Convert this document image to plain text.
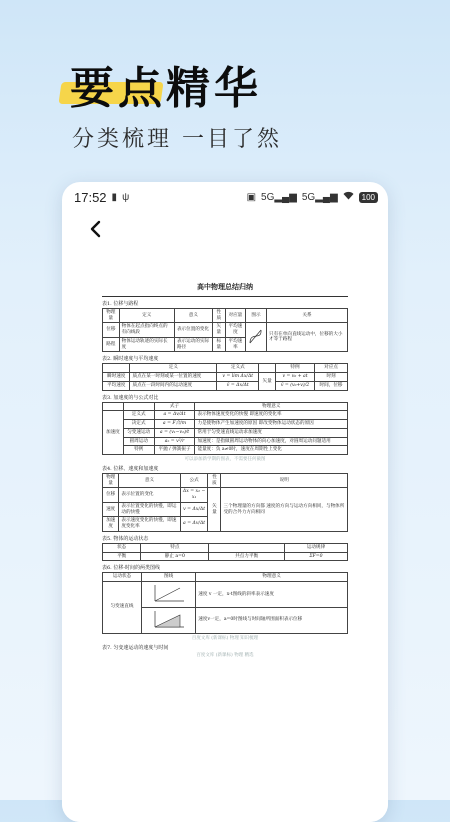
要点精华
分类梳理 一目了然
17:52 ▮ ψ	▣ 5G▂▄▆ 5G▂▄▆	100
高中物理总结归纳
表1. 位移与路程
物理量	定义	意义	性质	对应量	图示	关系
位移	物体在起点指向终点的有向线段	表示位置的变化	矢量	平均速度		只有在单向直线运动中，位移的大小才等于路程
路程	物体运动轨迹的实际长度	表示运动的实际路径	标量	平均速率		
表2. 瞬时速度与平均速度
	定义	定义式		特例	对应点
瞬时速度	质点在某一时刻或某一位置的速度	v = lim Δx/Δt	矢量	v = v₀ + at	时刻
平均速度	质点在一段时间内的运动速度	v̄ = Δx/Δt		v̄ = (v₀+v)/2	时间，位移
表3. 加速度的与公式对比
		式子	物理意义
加速度	定义式	a = Δv/Δt	表示物体速度变化的快慢 即速度的变化率
	决定式	a = F合/m	力是使物体产生加速度的原因 即改变物体运动状态的原因
	匀变速运动	a = (v₁−v₂)/t	常用于匀变速直线运动求加速度
	圆周运动	aₙ = v²/r	加速度：是指做圆周运动物体的向心加速度，对圆周运动问题适用
	特例	平抛 / 弹簧振子	能量度：负 a≠0时，速度在周期性上变化
可以添加新学期的图表，不需要任何截图
表4. 位移、速度和加速度
物理量	意义	公式	性质	说明
位移	表示位置的变化	Δx = x₂ − x₁	矢量	三个物理量的方向都 速度的方向与运动方向相同，与物体所受的合外力方向相同
速度	表示位置变化的快慢，即运动的快慢	v = Δx/Δt		
加速度	表示速度变化的快慢，即速度变化率	a = Δv/Δt		
表5. 物体的运动状态
状态	特点		运动规律
平衡	静止 a=0	共点力平衡	ΣF=0
表6. 位移-时间的两类图线
运动状态	图线	物理意义
匀变速直线		速度 v 一定，x-t图线的斜率表示速度
	速度v一定，a=0时图线与时间轴所围面积表示位移
百度文库 (新课标) 物理 知识梳理
表7. 匀变速运动的速度与时间
百度文库 (新课标) 物理 精选
